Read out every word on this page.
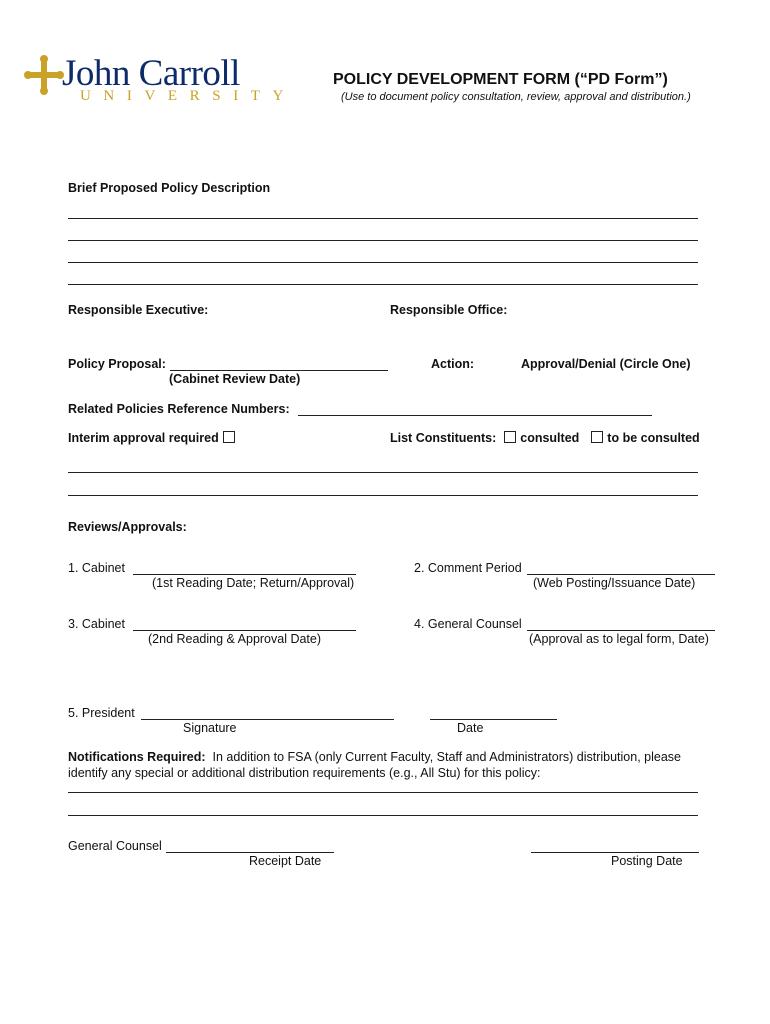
John Carroll
UNIVERSITY
POLICY DEVELOPMENT FORM (“PD Form”)
(Use to document policy consultation, review, approval and distribution.)
Brief Proposed Policy Description
Responsible Executive:	Responsible Office:
Policy Proposal:
(Cabinet Review Date)
Action:	Approval/Denial (Circle One)
Related Policies Reference Numbers:
Interim approval required	List Constituents: consulted to be consulted
Reviews/Approvals:
1. Cabinet
(1st Reading Date; Return/Approval)
2. Comment Period
(Web Posting/Issuance Date)
3. Cabinet
(2nd Reading & Approval Date)
4. General Counsel
(Approval as to legal form, Date)
5. President
Signature	Date
Notifications Required: In addition to FSA (only Current Faculty, Staff and Administrators) distribution, please
identify any special or additional distribution requirements (e.g., All Stu) for this policy:
General Counsel
Receipt Date	Posting Date
